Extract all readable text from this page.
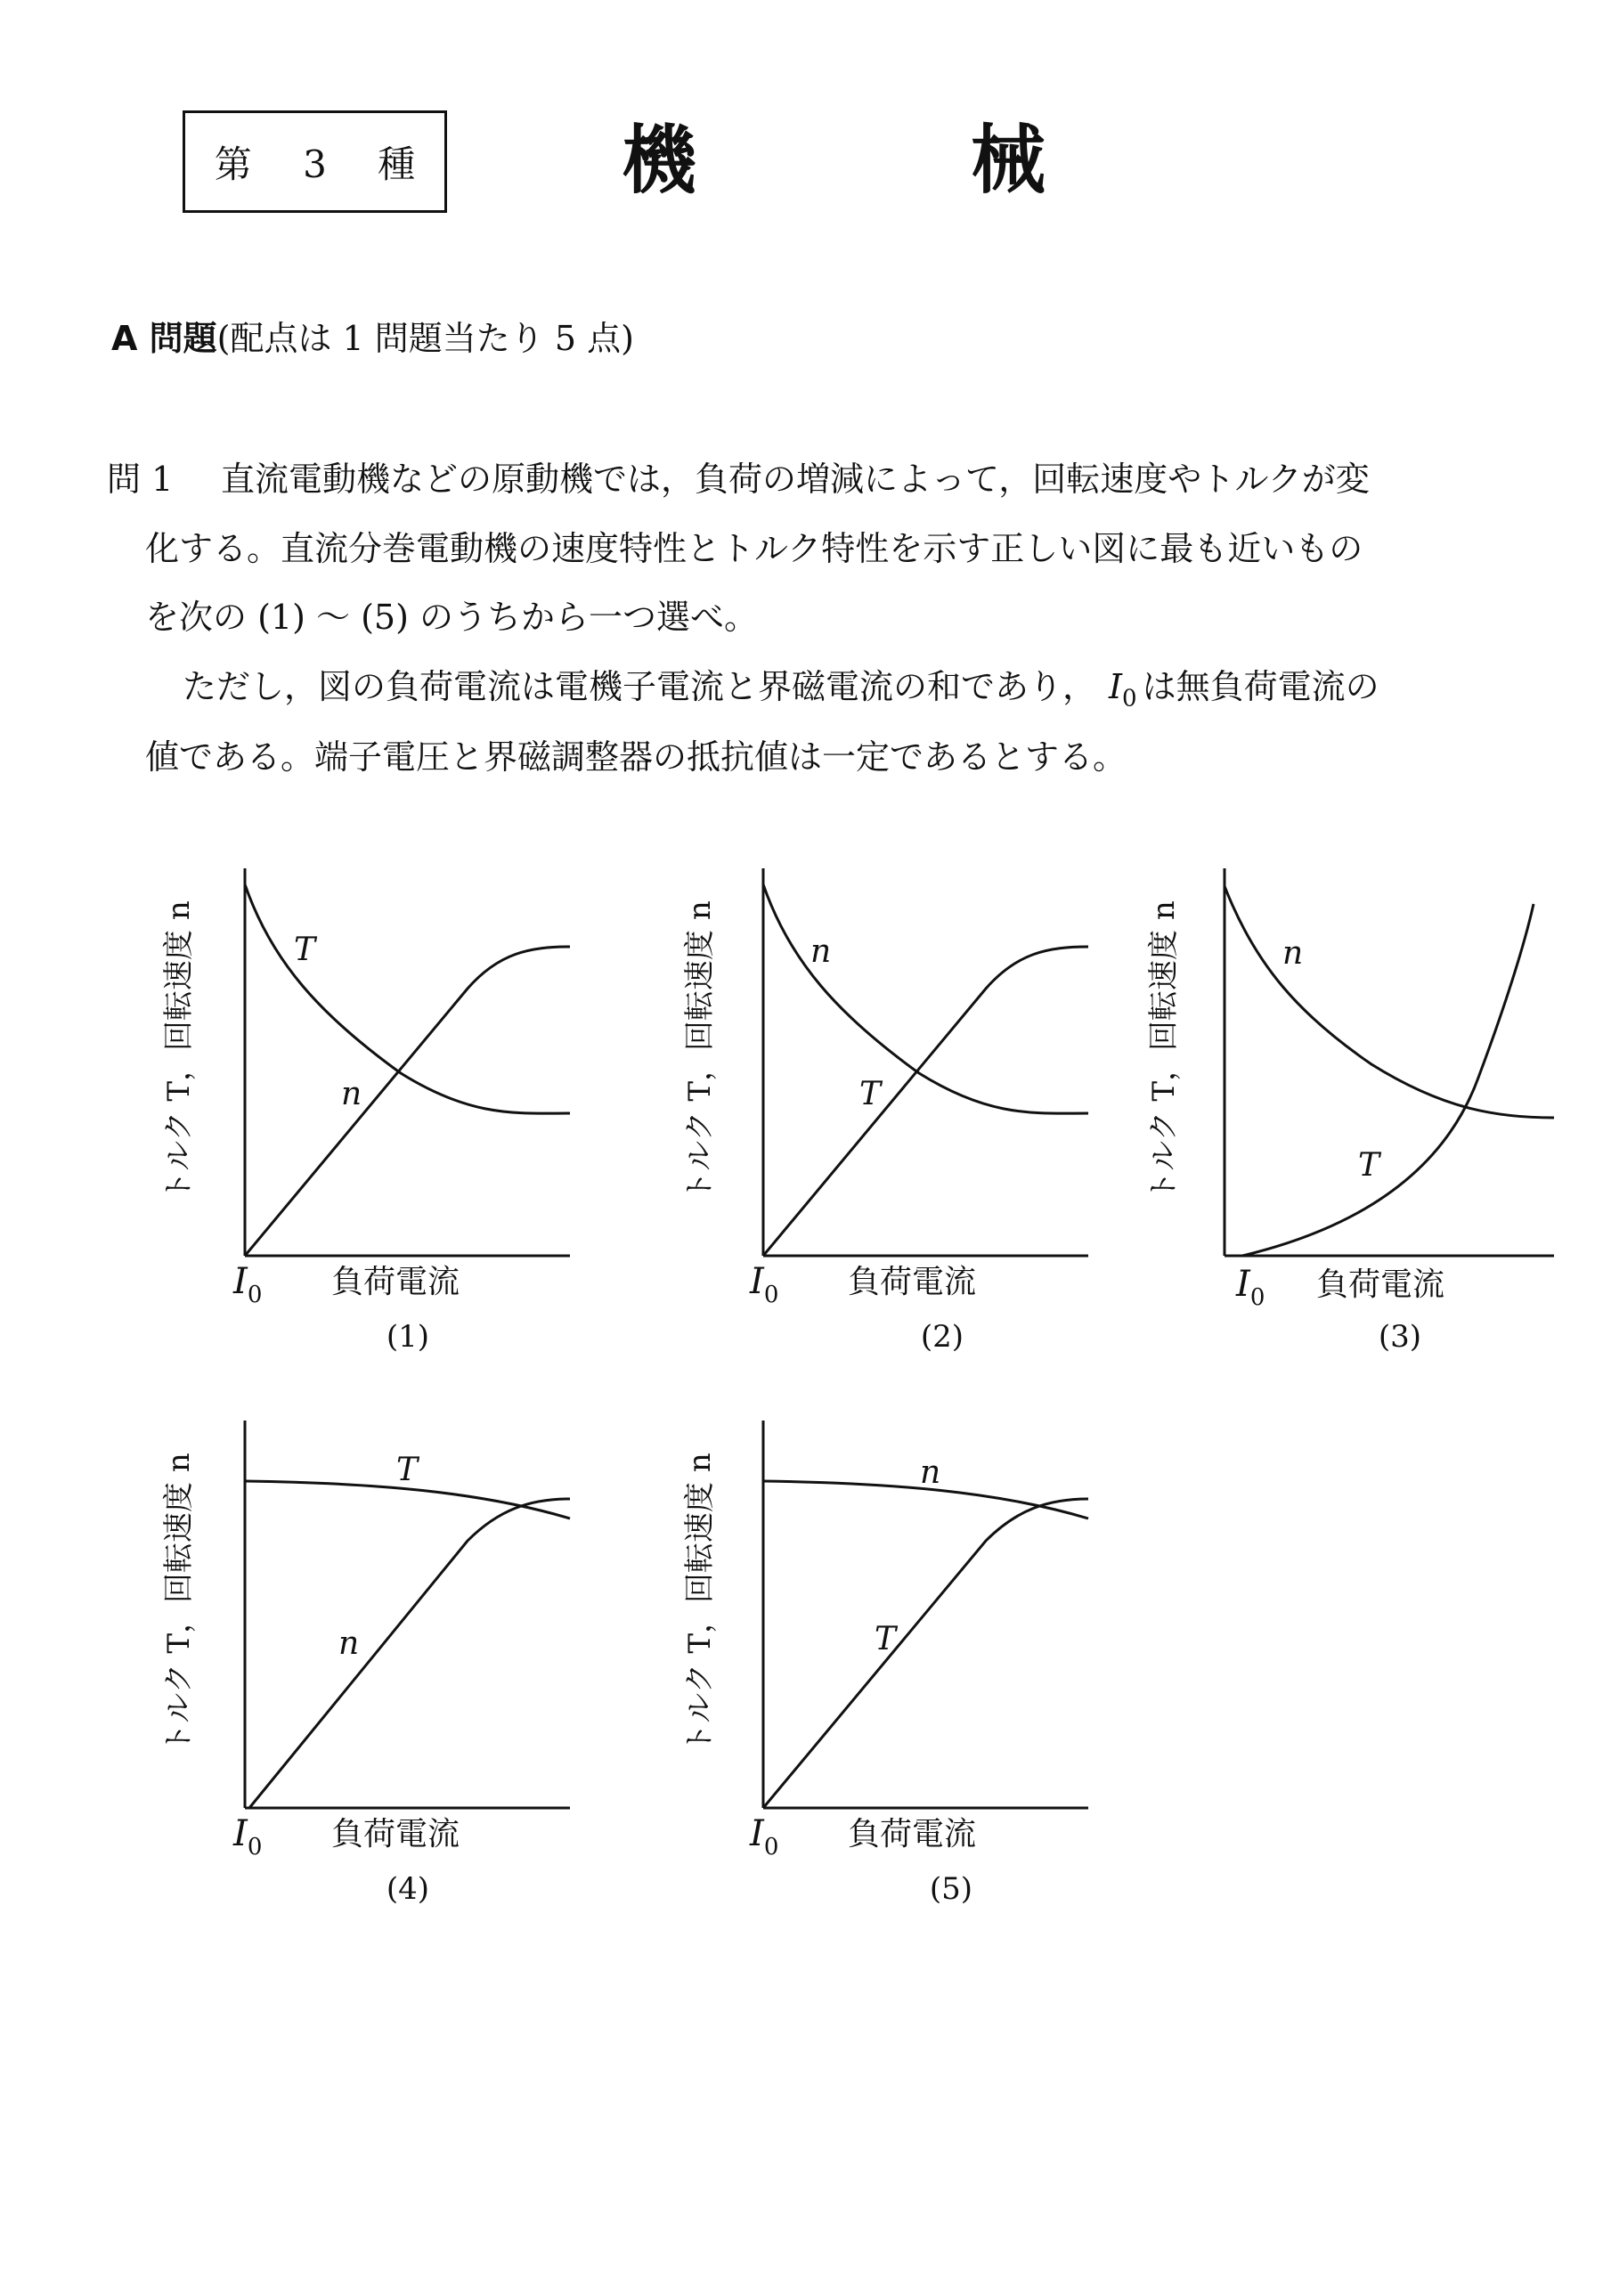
第 3 種 機	械
A 問題(配点は 1 問題当たり 5 点)
問 1 直流電動機などの原動機では，負荷の増減によって，回転速度やトルクが変
化する。直流分巻電動機の速度特性とトルク特性を示す正しい図に最も近いもの
を次の (1) ～ (5) のうちから一つ選べ。
ただし，図の負荷電流は電機子電流と界磁電流の和であり， $I_0$ は無負荷電流の
値である。端子電圧と界磁調整器の抵抗値は一定であるとする。
トルク T，回転速度 n	トルク T，回転速度 n	トルク T，回転速度 n
トルク T，回転速度 n	トルク T，回転速度 n
$I_0$	$I_0$	$I_0$
$I_0$	$I_0$
負荷電流	負荷電流	負荷電流
負荷電流	負荷電流
(1)	(2)	(3)
(4)	(5)
T
n
n
T
n
T
T
n
n
T
